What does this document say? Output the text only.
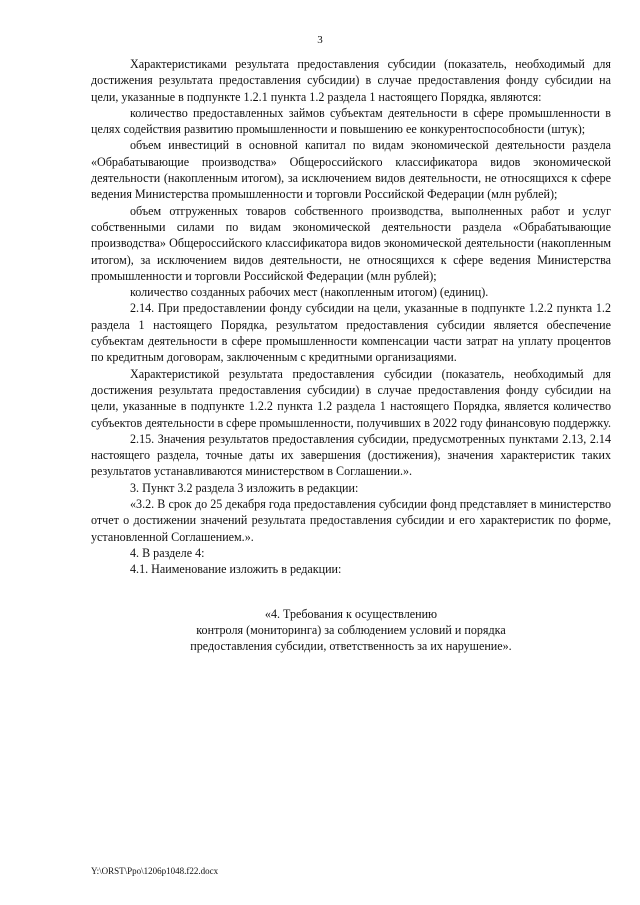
3

Характеристиками результата предоставления субсидии (показатель, необходимый для достижения результата предоставления субсидии) в случае предоставления фонду субсидии на цели, указанные в подпункте 1.2.1 пункта 1.2 раздела 1 настоящего Порядка, являются:

количество предоставленных займов субъектам деятельности в сфере промышленности в целях содействия развитию промышленности и повышению ее конкурентоспособности (штук);

объем инвестиций в основной капитал по видам экономической деятельности раздела «Обрабатывающие производства» Общероссийского классификатора видов экономической деятельности (накопленным итогом), за исключением видов деятельности, не относящихся к сфере ведения Министерства промышленности и торговли Российской Федерации (млн рублей);

объем отгруженных товаров собственного производства, выполненных работ и услуг собственными силами по видам экономической деятельности раздела «Обрабатывающие производства» Общероссийского классификатора видов экономической деятельности (накопленным итогом), за исключением видов деятельности, не относящихся к сфере ведения Министерства промышленности и торговли Российской Федерации (млн рублей);

количество созданных рабочих мест (накопленным итогом) (единиц).

2.14. При предоставлении фонду субсидии на цели, указанные в подпункте 1.2.2 пункта 1.2 раздела 1 настоящего Порядка, результатом предоставления субсидии является обеспечение субъектам деятельности в сфере промышленности компенсации части затрат на уплату процентов по кредитным договорам, заключенным с кредитными организациями.

Характеристикой результата предоставления субсидии (показатель, необходимый для достижения результата предоставления субсидии) в случае предоставления фонду субсидии на цели, указанные в подпункте 1.2.2 пункта 1.2 раздела 1 настоящего Порядка, является количество субъектов деятельности в сфере промышленности, получивших в 2022 году финансовую поддержку.

2.15. Значения результатов предоставления субсидии, предусмотренных пунктами 2.13, 2.14 настоящего раздела, точные даты их завершения (достижения), значения характеристик таких результатов устанавливаются министерством в Соглашении.».

3. Пункт 3.2 раздела 3 изложить в редакции:

«3.2. В срок до 25 декабря года предоставления субсидии фонд представляет в министерство отчет о достижении значений результата предоставления субсидии и его характеристик по форме, установленной Соглашением.».

4. В разделе 4:

4.1. Наименование изложить в редакции:

«4. Требования к осуществлению

контроля (мониторинга) за соблюдением условий и порядка

предоставления субсидии, ответственность за их нарушение».

Y:\ORST\Ppo\1206p1048.f22.docx
